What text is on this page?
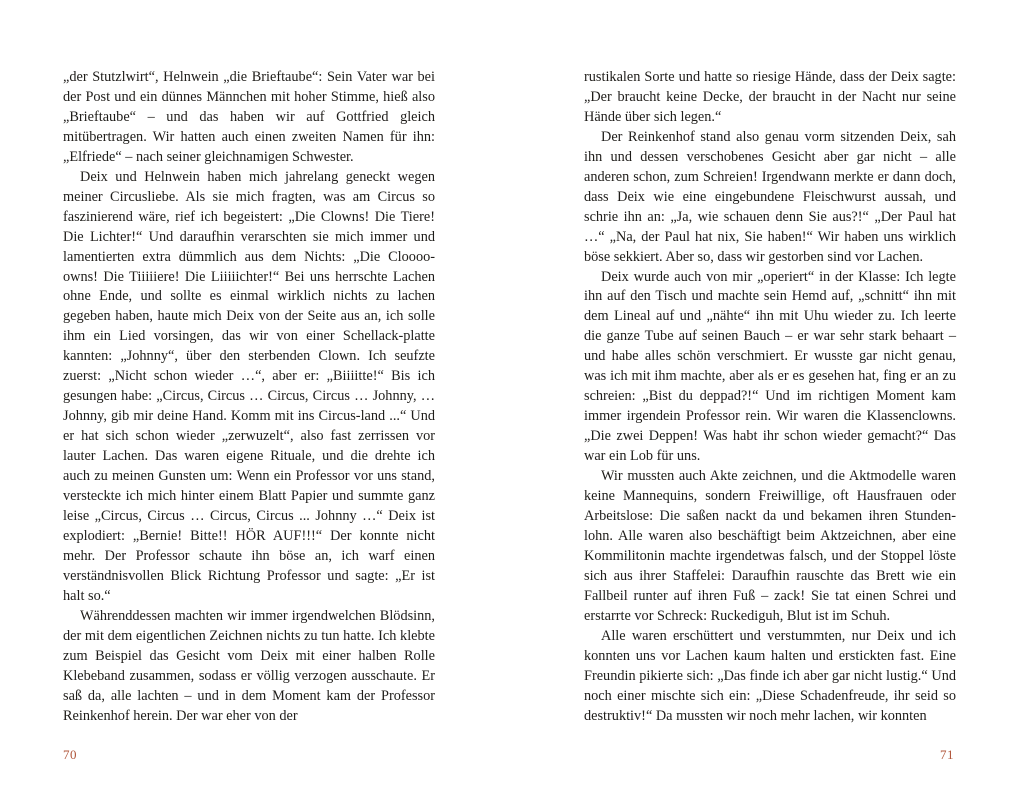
„der Stutzlwirt“, Helnwein „die Brieftaube“: Sein Vater war bei der Post und ein dünnes Männchen mit hoher Stimme, hieß also „Brieftaube“ – und das haben wir auf Gottfried gleich mitübertragen. Wir hatten auch einen zweiten Namen für ihn: „Elfriede“ – nach seiner gleichnamigen Schwester.

Deix und Helnwein haben mich jahrelang geneckt wegen meiner Circusliebe. Als sie mich fragten, was am Circus so faszinierend wäre, rief ich begeistert: „Die Clowns! Die Tiere! Die Lichter!“ Und daraufhin verarschten sie mich immer und lamentierten extra dümmlich aus dem Nichts: „Die Cloooo-owns! Die Tiiiiiere! Die Liiiiichter!“ Bei uns herrschte Lachen ohne Ende, und sollte es einmal wirklich nichts zu lachen gegeben haben, haute mich Deix von der Seite aus an, ich solle ihm ein Lied vorsingen, das wir von einer Schellack-platte kannten: „Johnny“, über den sterbenden Clown. Ich seufzte zuerst: „Nicht schon wieder …“, aber er: „Biiiitte!“ Bis ich gesungen habe: „Circus, Circus … Circus, Circus … Johnny, … Johnny, gib mir deine Hand. Komm mit ins Circus-land ...“ Und er hat sich schon wieder „zerwuzelt“, also fast zerrissen vor lauter Lachen. Das waren eigene Rituale, und die drehte ich auch zu meinen Gunsten um: Wenn ein Professor vor uns stand, versteckte ich mich hinter einem Blatt Papier und summte ganz leise „Circus, Circus … Circus, Circus ... Johnny …“ Deix ist explodiert: „Bernie! Bitte!! HÖR AUF!!!“ Der konnte nicht mehr. Der Professor schaute ihn böse an, ich warf einen verständnisvollen Blick Richtung Professor und sagte: „Er ist halt so.“

Währenddessen machten wir immer irgendwelchen Blödsinn, der mit dem eigentlichen Zeichnen nichts zu tun hatte. Ich klebte zum Beispiel das Gesicht vom Deix mit einer halben Rolle Klebeband zusammen, sodass er völlig verzogen ausschaute. Er saß da, alle lachten – und in dem Moment kam der Professor Reinkenhof herein. Der war eher von der

70

rustikalen Sorte und hatte so riesige Hände, dass der Deix sagte: „Der braucht keine Decke, der braucht in der Nacht nur seine Hände über sich legen.“

Der Reinkenhof stand also genau vorm sitzenden Deix, sah ihn und dessen verschobenes Gesicht aber gar nicht – alle anderen schon, zum Schreien! Irgendwann merkte er dann doch, dass Deix wie eine eingebundene Fleischwurst aussah, und schrie ihn an: „Ja, wie schauen denn Sie aus?!“ „Der Paul hat …“ „Na, der Paul hat nix, Sie haben!“ Wir haben uns wirklich böse sekkiert. Aber so, dass wir gestorben sind vor Lachen.

Deix wurde auch von mir „operiert“ in der Klasse: Ich legte ihn auf den Tisch und machte sein Hemd auf, „schnitt“ ihn mit dem Lineal auf und „nähte“ ihn mit Uhu wieder zu. Ich leerte die ganze Tube auf seinen Bauch – er war sehr stark behaart – und habe alles schön verschmiert. Er wusste gar nicht genau, was ich mit ihm machte, aber als er es gesehen hat, fing er an zu schreien: „Bist du deppad?!“ Und im richtigen Moment kam immer irgendein Professor rein. Wir waren die Klassenclowns. „Die zwei Deppen! Was habt ihr schon wieder gemacht?“ Das war ein Lob für uns.

Wir mussten auch Akte zeichnen, und die Aktmodelle waren keine Mannequins, sondern Freiwillige, oft Hausfrauen oder Arbeitslose: Die saßen nackt da und bekamen ihren Stunden-lohn. Alle waren also beschäftigt beim Aktzeichnen, aber eine Kommilitonin machte irgendetwas falsch, und der Stoppel löste sich aus ihrer Staffelei: Daraufhin rauschte das Brett wie ein Fallbeil runter auf ihren Fuß – zack! Sie tat einen Schrei und erstarrte vor Schreck: Ruckediguh, Blut ist im Schuh.

Alle waren erschüttert und verstummten, nur Deix und ich konnten uns vor Lachen kaum halten und erstickten fast. Eine Freundin pikierte sich: „Das finde ich aber gar nicht lustig.“ Und noch einer mischte sich ein: „Diese Schadenfreude, ihr seid so destruktiv!“ Da mussten wir noch mehr lachen, wir konnten

71
